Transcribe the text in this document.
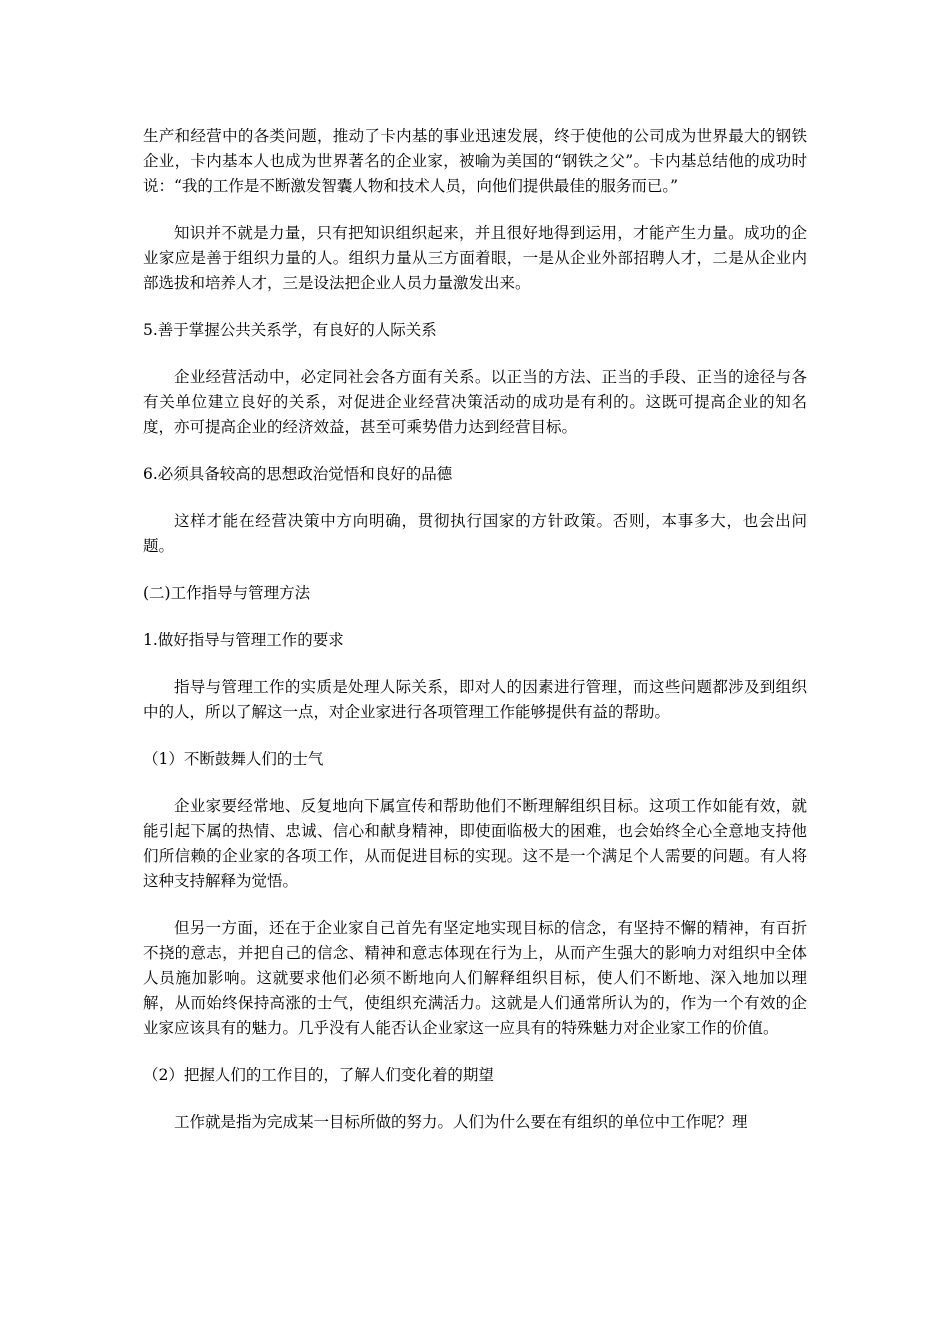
生产和经营中的各类问题，推动了卡内基的事业迅速发展，终于使他的公司成为世界最大的钢铁企业，卡内基本人也成为世界著名的企业家，被喻为美国的“钢铁之父”。卡内基总结他的成功时说：“我的工作是不断激发智囊人物和技术人员，向他们提供最佳的服务而已。”

知识并不就是力量，只有把知识组织起来，并且很好地得到运用，才能产生力量。成功的企业家应是善于组织力量的人。组织力量从三方面着眼，一是从企业外部招聘人才，二是从企业内部选拔和培养人才，三是设法把企业人员力量激发出来。

5.善于掌握公共关系学，有良好的人际关系

企业经营活动中，必定同社会各方面有关系。以正当的方法、正当的手段、正当的途径与各有关单位建立良好的关系，对促进企业经营决策活动的成功是有利的。这既可提高企业的知名度，亦可提高企业的经济效益，甚至可乘势借力达到经营目标。

6.必须具备较高的思想政治觉悟和良好的品德

这样才能在经营决策中方向明确，贯彻执行国家的方针政策。否则，本事多大，也会出问题。

(二)工作指导与管理方法

1.做好指导与管理工作的要求

指导与管理工作的实质是处理人际关系，即对人的因素进行管理，而这些问题都涉及到组织中的人，所以了解这一点，对企业家进行各项管理工作能够提供有益的帮助。

（1）不断鼓舞人们的士气

企业家要经常地、反复地向下属宣传和帮助他们不断理解组织目标。这项工作如能有效，就能引起下属的热情、忠诚、信心和献身精神，即使面临极大的困难，也会始终全心全意地支持他们所信赖的企业家的各项工作，从而促进目标的实现。这不是一个满足个人需要的问题。有人将这种支持解释为觉悟。

但另一方面，还在于企业家自己首先有坚定地实现目标的信念，有坚持不懈的精神，有百折不挠的意志，并把自己的信念、精神和意志体现在行为上，从而产生强大的影响力对组织中全体人员施加影响。这就要求他们必须不断地向人们解释组织目标，使人们不断地、深入地加以理解，从而始终保持高涨的士气，使组织充满活力。这就是人们通常所认为的，作为一个有效的企业家应该具有的魅力。几乎没有人能否认企业家这一应具有的特殊魅力对企业家工作的价值。

（2）把握人们的工作目的，了解人们变化着的期望

工作就是指为完成某一目标所做的努力。人们为什么要在有组织的单位中工作呢？理
